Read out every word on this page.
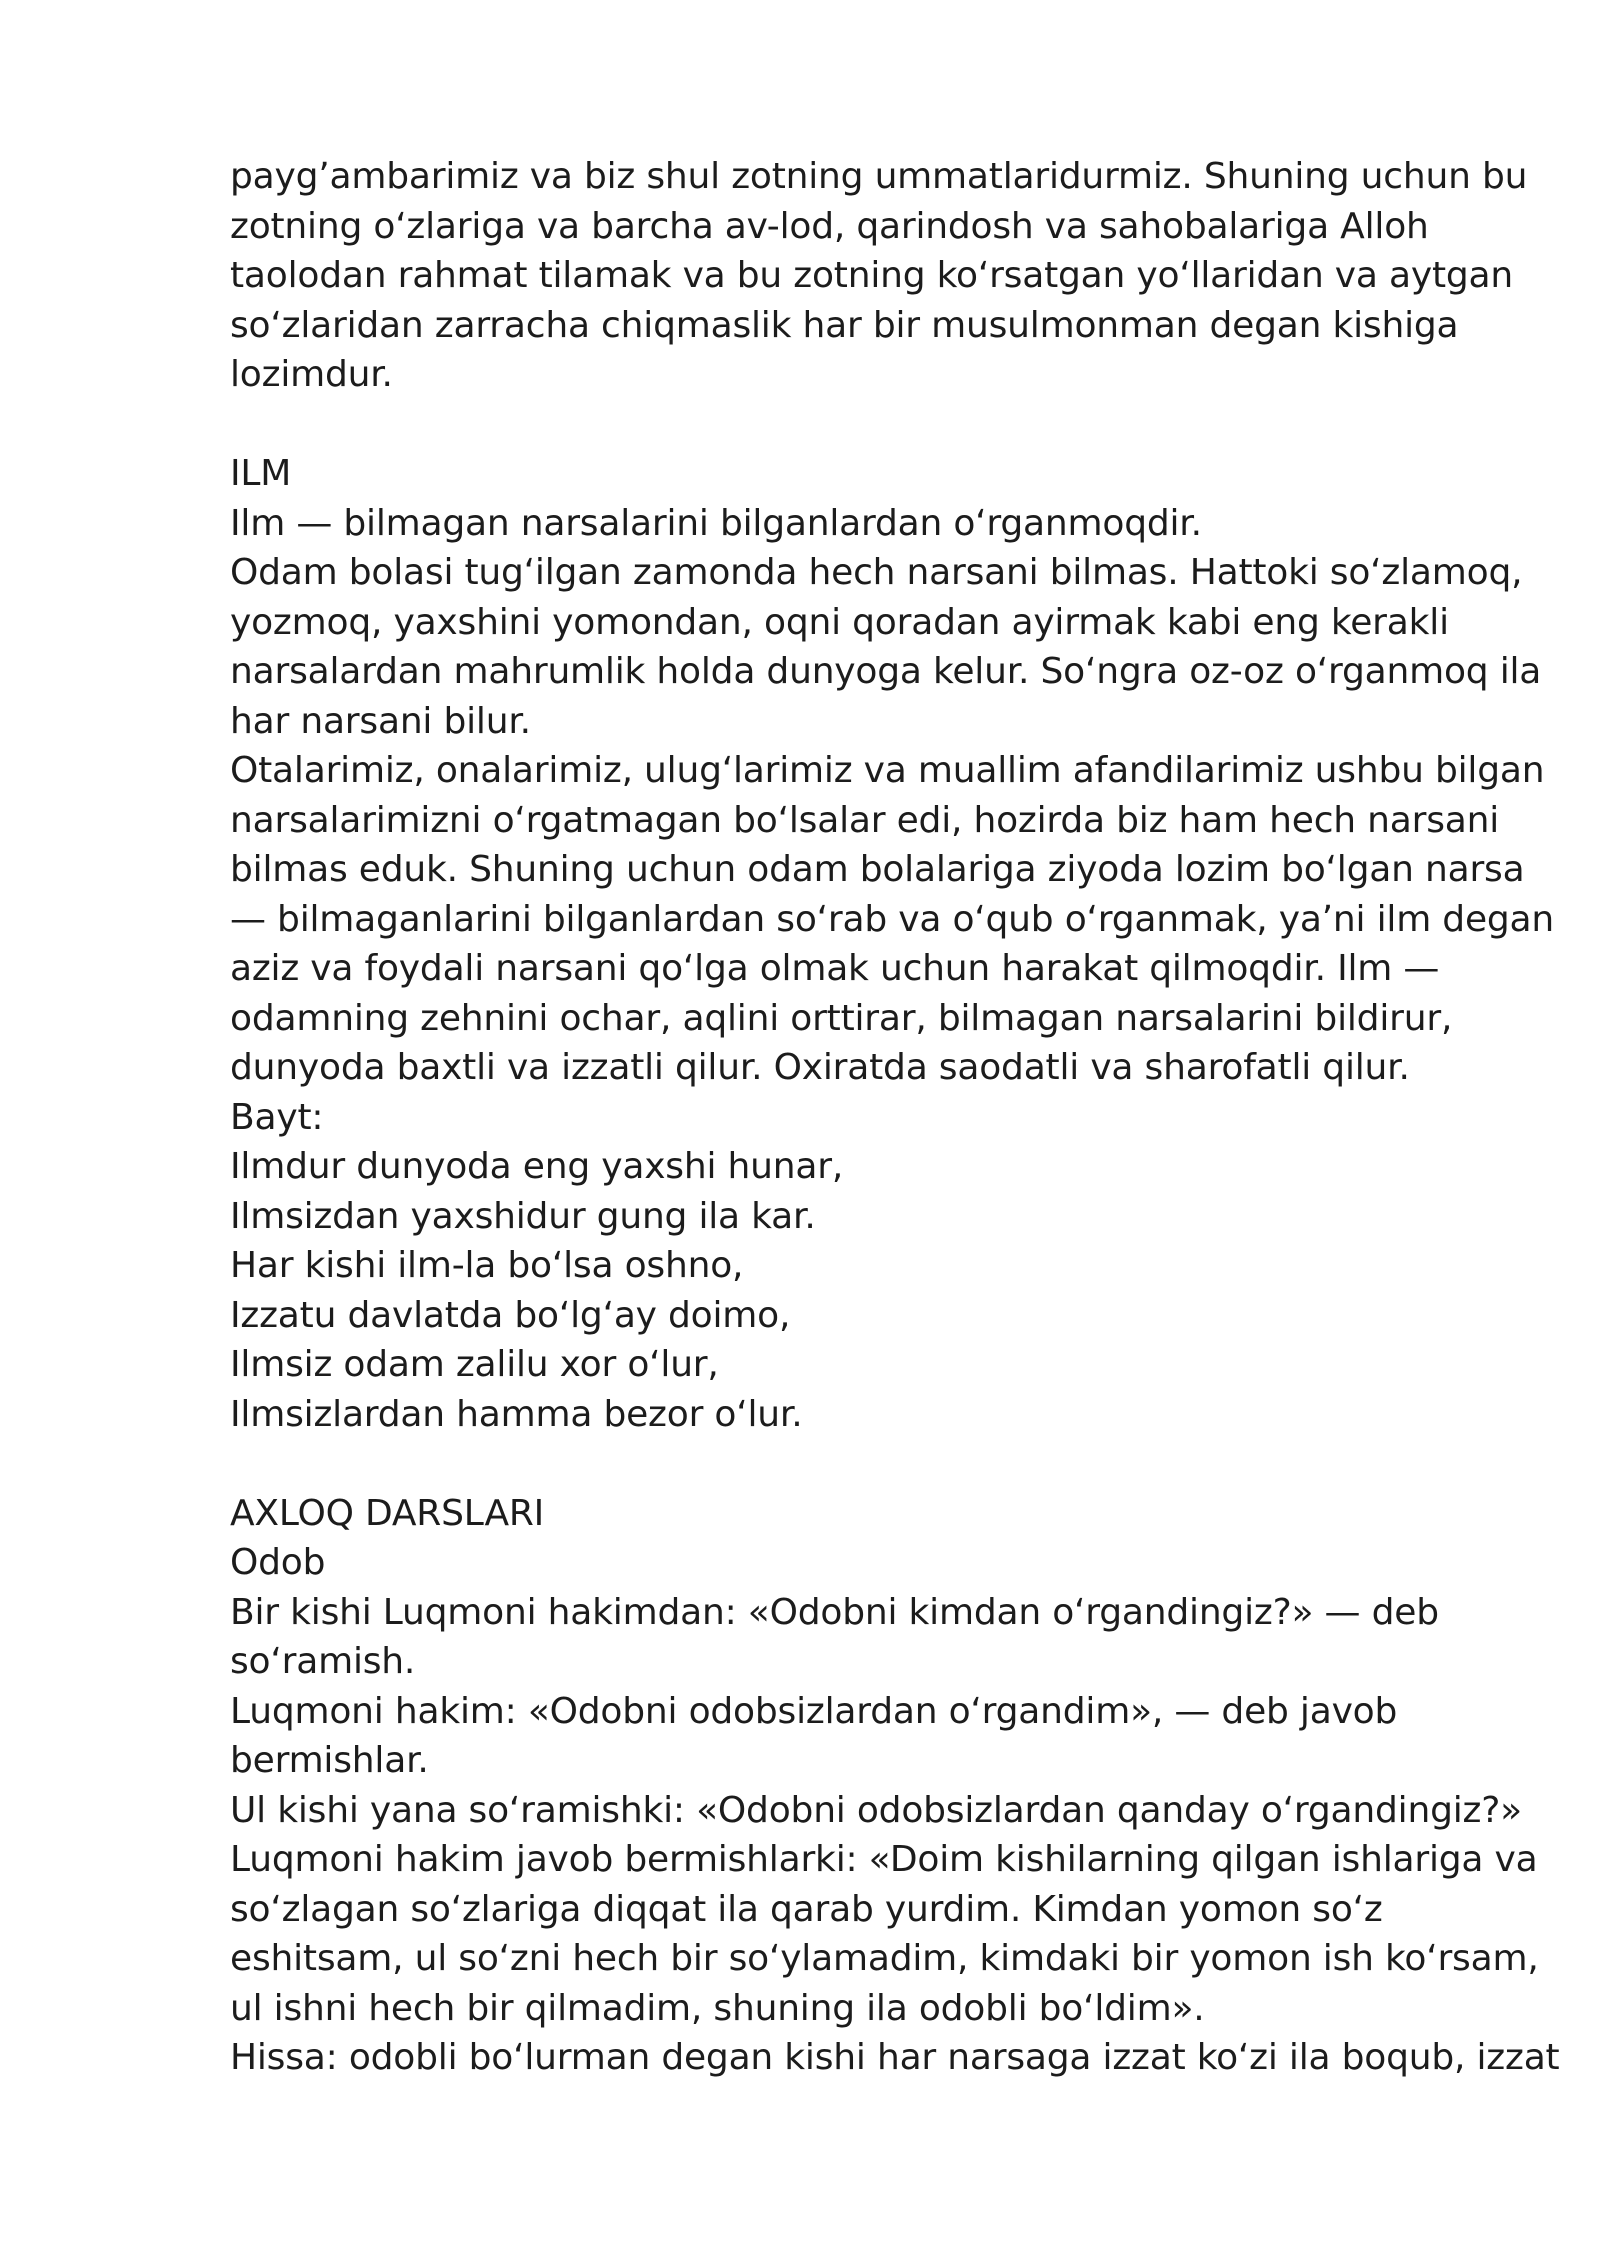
payg’ambarimiz va biz shul zotning ummatlaridurmiz. Shuning uchun bu
zotning o‘zlariga va barcha av-lod, qarindosh va sahobalariga Alloh
taolodan rahmat tilamak va bu zotning ko‘rsatgan yo‘llaridan va aytgan
so‘zlaridan zarracha chiqmaslik har bir musulmonman degan kishiga
lozimdur.
ILM
Ilm — bilmagan narsalarini bilganlardan o‘rganmoqdir.
Odam bolasi tug‘ilgan zamonda hech narsani bilmas. Hattoki so‘zlamoq,
yozmoq, yaxshini yomondan, oqni qoradan ayirmak kabi eng kerakli
narsalardan mahrumlik holda dunyoga kelur. So‘ngra oz-oz o‘rganmoq ila
har narsani bilur.
Otalarimiz, onalarimiz, ulug‘larimiz va muallim afandilarimiz ushbu bilgan
narsalarimizni o‘rgatmagan bo‘lsalar edi, hozirda biz ham hech narsani
bilmas eduk. Shuning uchun odam bolalariga ziyoda lozim bo‘lgan narsa
— bilmaganlarini bilganlardan so‘rab va o‘qub o‘rganmak, ya’ni ilm degan
aziz va foydali narsani qo‘lga olmak uchun harakat qilmoqdir. Ilm —
odamning zehnini ochar, aqlini orttirar, bilmagan narsalarini bildirur,
dunyoda baxtli va izzatli qilur. Oxiratda saodatli va sharofatli qilur.
Bayt:
Ilmdur dunyoda eng yaxshi hunar,
Ilmsizdan yaxshidur gung ila kar.
Har kishi ilm-la bo‘lsa oshno,
Izzatu davlatda bo‘lg‘ay doimo,
Ilmsiz odam zalilu xor o‘lur,
Ilmsizlardan hamma bezor o‘lur.
AXLOQ DARSLARI
Odob
Bir kishi Luqmoni hakimdan: «Odobni kimdan o‘rgandingiz?» — deb
so‘ramish.
Luqmoni hakim: «Odobni odobsizlardan o‘rgandim», — deb javob
bermishlar.
Ul kishi yana so‘ramishki: «Odobni odobsizlardan qanday o‘rgandingiz?»
Luqmoni hakim javob bermishlarki: «Doim kishilarning qilgan ishlariga va
so‘zlagan so‘zlariga diqqat ila qarab yurdim. Kimdan yomon so‘z
eshitsam, ul so‘zni hech bir so‘ylamadim, kimdaki bir yomon ish ko‘rsam,
ul ishni hech bir qilmadim, shuning ila odobli bo‘ldim».
Hissa: odobli bo‘lurman degan kishi har narsaga izzat ko‘zi ila boqub, izzat
